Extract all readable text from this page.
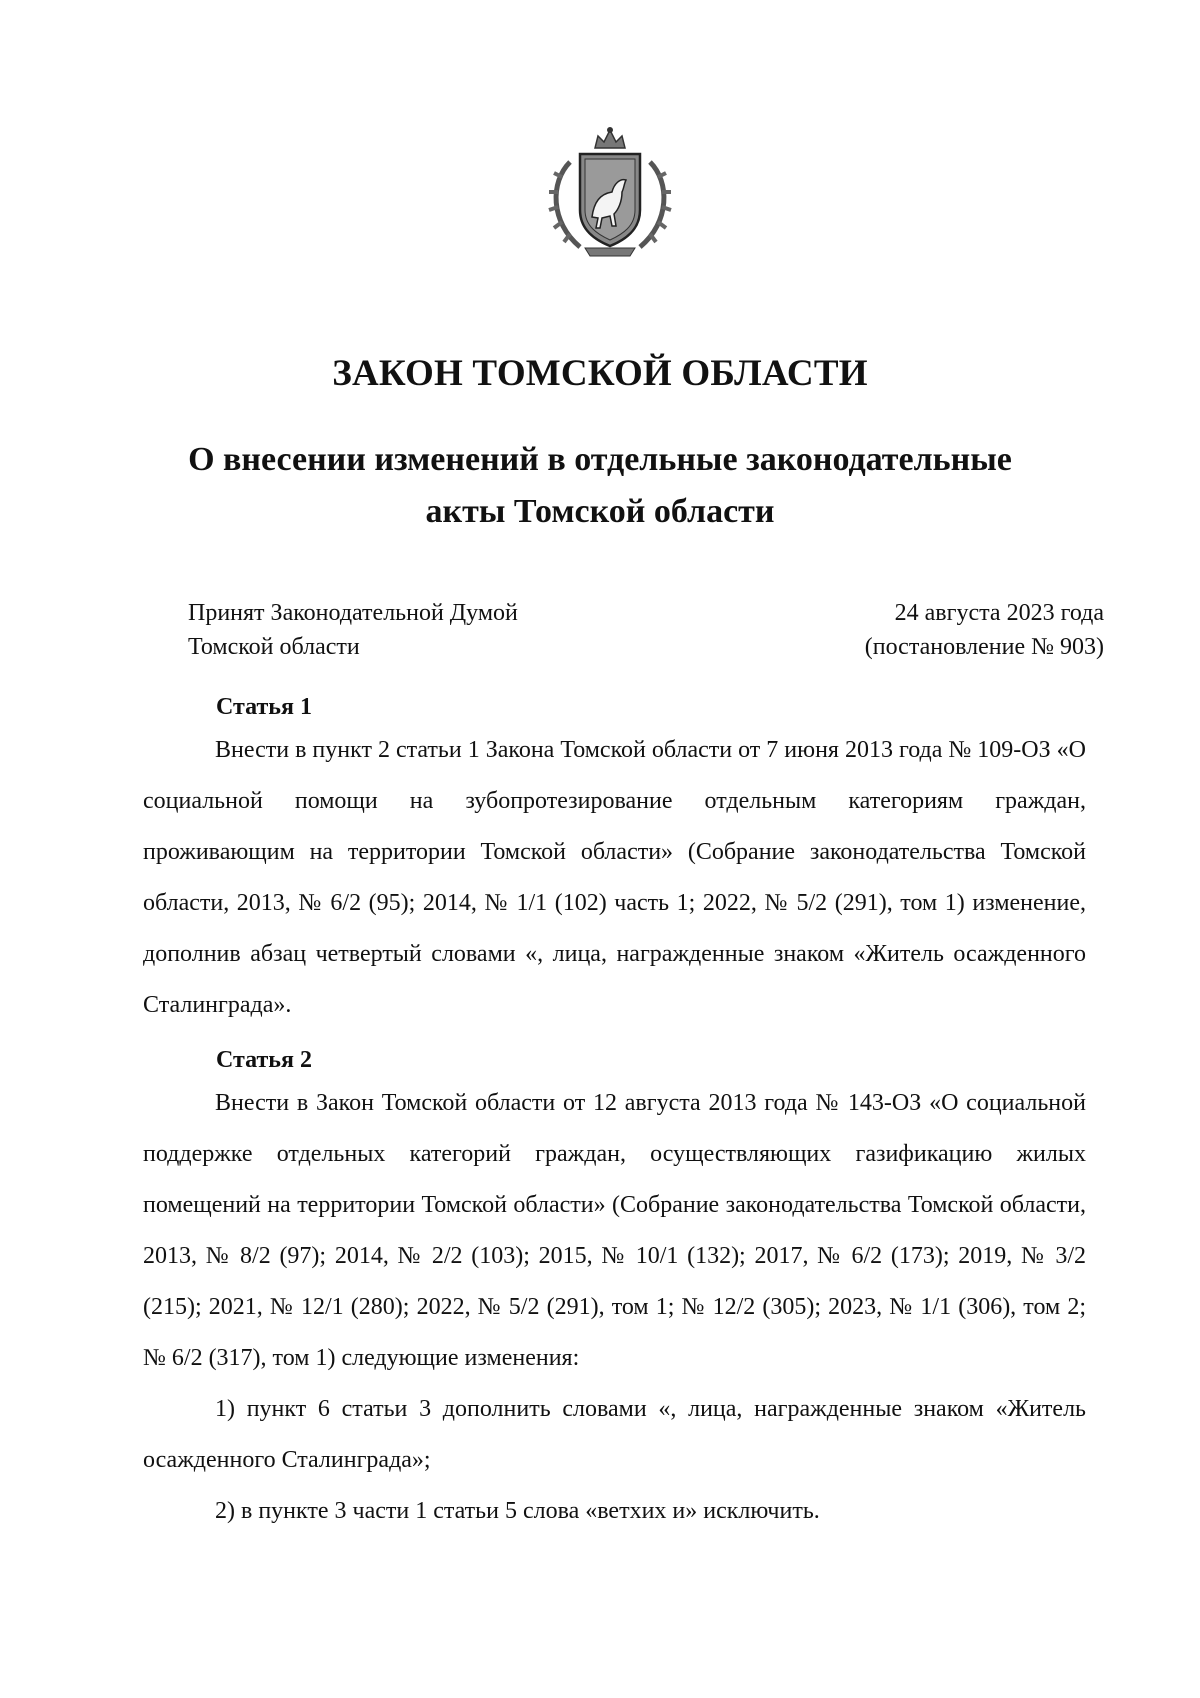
ЗАКОН ТОМСКОЙ ОБЛАСТИ
О внесении изменений в отдельные законодательные
акты Томской области
Принят Законодательной Думой
Томской области
24 августа 2023 года
(постановление № 903)
Статья 1
Внести в пункт 2 статьи 1 Закона Томской области от 7 июня 2013 года № 109-ОЗ «О социальной помощи на зубопротезирование отдельным категориям граждан, проживающим на территории Томской области» (Собрание законодательства Томской области, 2013, № 6/2 (95); 2014, № 1/1 (102) часть 1; 2022, № 5/2 (291), том 1) изменение, дополнив абзац четвертый словами «, лица, награжденные знаком «Житель осажденного Сталинграда».
Статья 2
Внести в Закон Томской области от 12 августа 2013 года № 143-ОЗ «О социальной поддержке отдельных категорий граждан, осуществляющих газификацию жилых помещений на территории Томской области» (Собрание законодательства Томской области, 2013, № 8/2 (97); 2014, № 2/2 (103); 2015, № 10/1 (132); 2017, № 6/2 (173); 2019, № 3/2 (215); 2021, № 12/1 (280); 2022, № 5/2 (291), том 1; № 12/2 (305); 2023, № 1/1 (306), том 2; № 6/2 (317), том 1) следующие изменения:
1) пункт 6 статьи 3 дополнить словами «, лица, награжденные знаком «Житель осажденного Сталинграда»;
2) в пункте 3 части 1 статьи 5 слова «ветхих и» исключить.
